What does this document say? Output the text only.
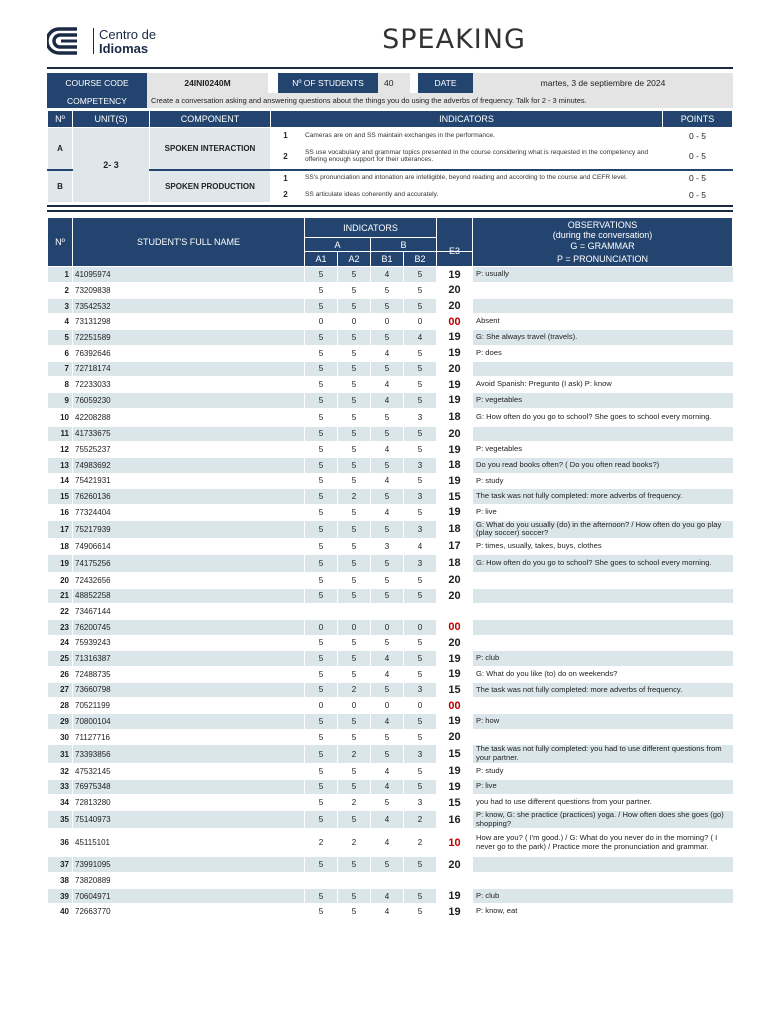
Centro de
Idiomas	SPEAKING
COURSE CODE	24INI0240M		Nº OF STUDENTS	40		DATE	martes, 3 de septiembre de 2024
COMPETENCY	Create a conversation asking and answering questions about the things you do using the adverbs of frequency. Talk for 2 - 3 minutes.						
Nº	UNIT(S)	COMPONENT	INDICATORS		POINTS
A	2- 3	SPOKEN INTERACTION	1	Cameras are on and SS maintain exchanges in the performance.	0 - 5
			2	SS use vocabulary and grammar topics presented in the course considering what is requested in the competency and offering enough support for their utterances.	0 - 5
B		SPOKEN PRODUCTION	1	SS's pronunciation and intonation are intelligible, beyond reading and according to the course and CEFR level.	0 - 5
			2	SS articulate ideas coherently and accurately.	0 - 5
Nº	STUDENT'S FULL NAME	INDICATORS					OBSERVATIONS
(during the conversation)
G = GRAMMAR
P = PRONUNCIATION

		A		B			
		A1	A2	B1	B2	E3	
1	41095974	5	5	4	5	19	P: usually
2	73209838	5	5	5	5	20	
3	73542532	5	5	5	5	20	
4	73131298	0	0	0	0	00	Absent
5	72251589	5	5	5	4	19	G: She always travel (travels).
6	76392646	5	5	4	5	19	P: does
7	72718174	5	5	5	5	20	
8	72233033	5	5	4	5	19	Avoid Spanish: Pregunto (I ask) P: know
9	76059230	5	5	4	5	19	P: vegetables
10	42208288	5	5	5	3	18	G: How often do you go to school? She goes to school every morning.
11	41733675	5	5	5	5	20	
12	75525237	5	5	4	5	19	P: vegetables
13	74983692	5	5	5	3	18	Do you read books often? ( Do you often read books?)
14	75421931	5	5	4	5	19	P: study
15	76260136	5	2	5	3	15	The task was not fully completed: more adverbs of frequency.
16	77324404	5	5	4	5	19	P: live
17	75217939	5	5	5	3	18	G: What do you usually (do) in the afternoon? / How often do you go play (play soccer) soccer?
18	74906614	5	5	3	4	17	P: times, usually, takes, buys, clothes
19	74175256	5	5	5	3	18	G: How often do you go to school? She goes to school every morning.
20	72432656	5	5	5	5	20	
21	48852258	5	5	5	5	20	
22	73467144						
23	76200745	0	0	0	0	00	
24	75939243	5	5	5	5	20	
25	71316387	5	5	4	5	19	P: club
26	72488735	5	5	4	5	19	G: What do you like (to) do on weekends?
27	73660798	5	2	5	3	15	The task was not fully completed: more adverbs of frequency.
28	70521199	0	0	0	0	00	
29	70800104	5	5	4	5	19	P: how
30	71127716	5	5	5	5	20	
31	73393856	5	2	5	3	15	The task was not fully completed: you had to use different questions from your partner.
32	47532145	5	5	4	5	19	P: study
33	76975348	5	5	4	5	19	P: live
34	72813280	5	2	5	3	15	you had to use different questions from your partner.
35	75140973	5	5	4	2	16	P: know, G: she practice (practices) yoga. / How often does she goes (go) shopping?
36	45115101	2	2	4	2	10	How are you? ( I'm good.) / G: What do you never do in the morning? ( I never go to the park) / Practice more the pronunciation and grammar.
37	73991095	5	5	5	5	20	
38	73820889						
39	70604971	5	5	4	5	19	P: club
40	72663770	5	5	4	5	19	P: know, eat
